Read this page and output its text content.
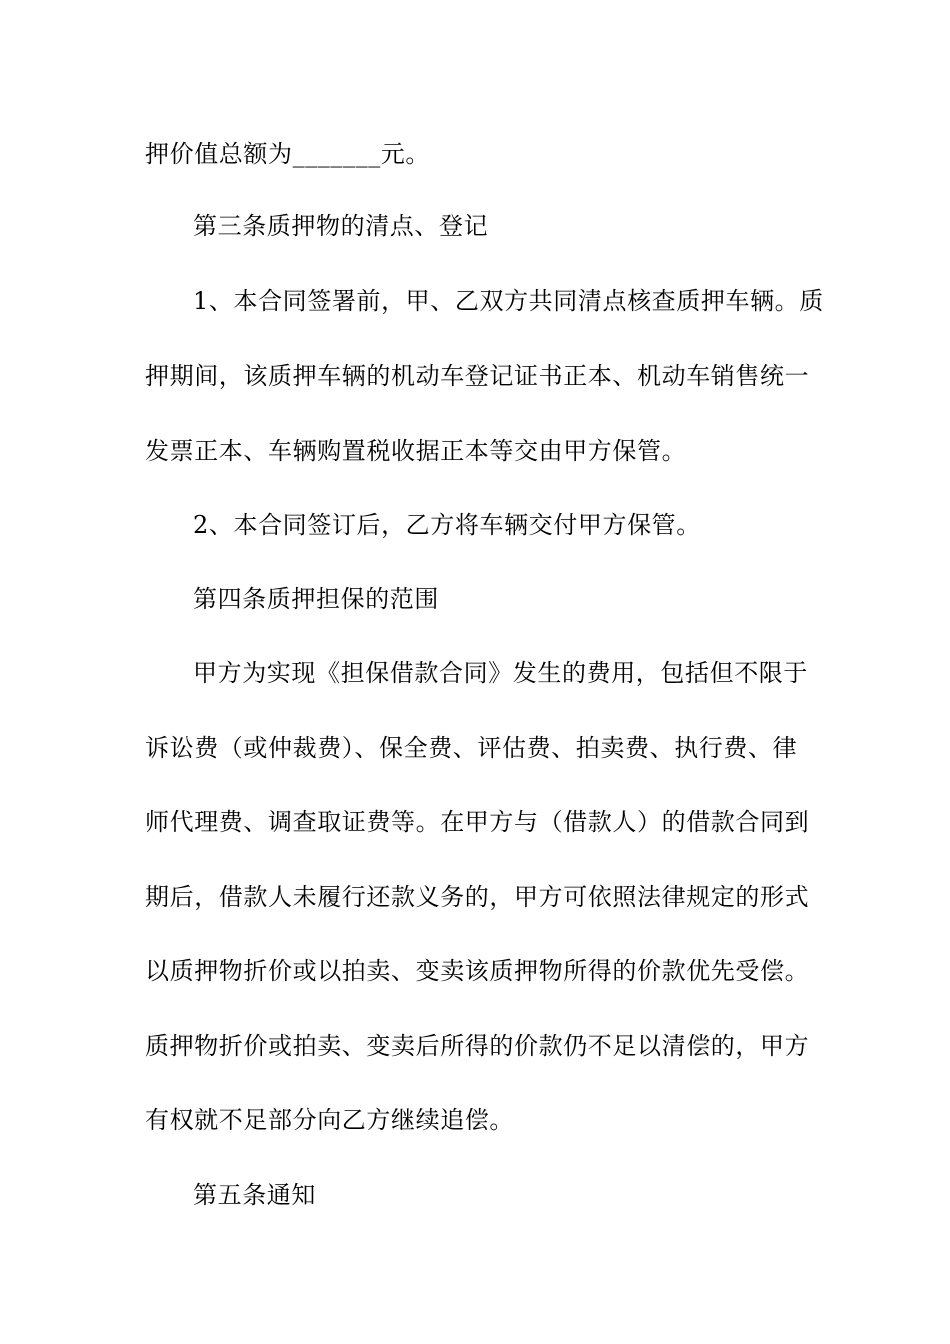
押价值总额为_______元。
第三条质押物的清点、登记
1、本合同签署前，甲、乙双方共同清点核查质押车辆。质
押期间，该质押车辆的机动车登记证书正本、机动车销售统一
发票正本、车辆购置税收据正本等交由甲方保管。
2、本合同签订后，乙方将车辆交付甲方保管。
第四条质押担保的范围
甲方为实现《担保借款合同》发生的费用，包括但不限于
诉讼费（或仲裁费）、保全费、评估费、拍卖费、执行费、律
师代理费、调查取证费等。在甲方与（借款人）的借款合同到
期后，借款人未履行还款义务的，甲方可依照法律规定的形式
以质押物折价或以拍卖、变卖该质押物所得的价款优先受偿。
质押物折价或拍卖、变卖后所得的价款仍不足以清偿的，甲方
有权就不足部分向乙方继续追偿。
第五条通知
